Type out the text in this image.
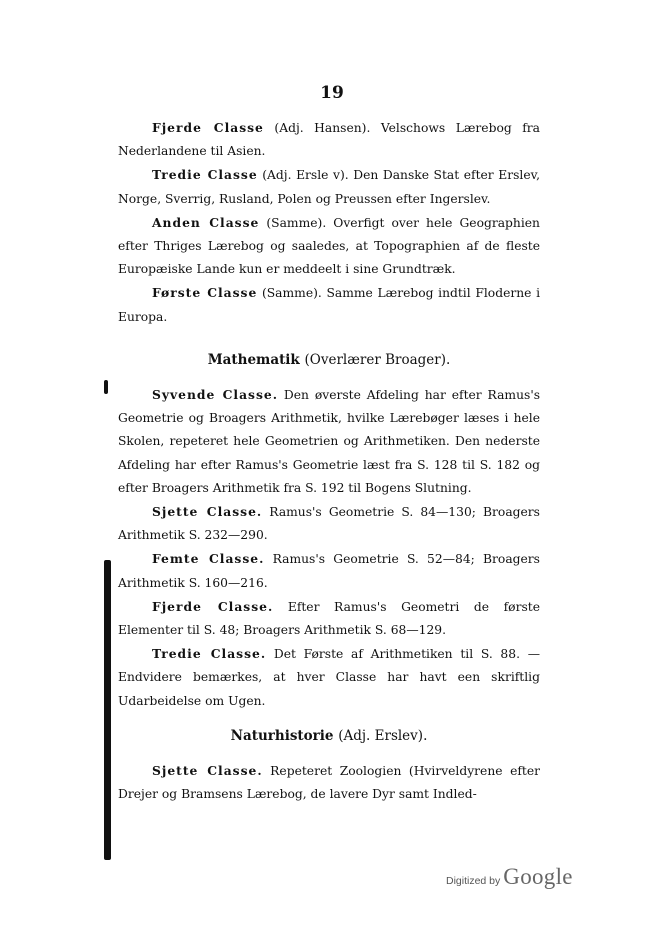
19

Fjerde Classe (Adj. Hansen). Velschows Lærebog fra Nederlandene til Asien.

Tredie Classe (Adj. Ersle v). Den Danske Stat efter Erslev, Norge, Sverrig, Rusland, Polen og Preussen efter Ingerslev.

Anden Classe (Samme). Overfigt over hele Geographien efter Thriges Lærebog og saaledes, at Topographien af de fleste Europæiske Lande kun er meddeelt i sine Grundtræk.

Første Classe (Samme). Samme Lærebog indtil Floderne i Europa.

Mathematik (Overlærer Broager).

Syvende Classe. Den øverste Afdeling har efter Ramus's Geometrie og Broagers Arithmetik, hvilke Lærebøger læses i hele Skolen, repeteret hele Geometrien og Arithmetiken. Den nederste Afdeling har efter Ramus's Geometrie læst fra S. 128 til S. 182 og efter Broagers Arithmetik fra S. 192 til Bogens Slutning.

Sjette Classe. Ramus's Geometrie S. 84—130; Broagers Arithmetik S. 232—290.

Femte Classe. Ramus's Geometrie S. 52—84; Broagers Arithmetik S. 160—216.

Fjerde Classe. Efter Ramus's Geometri de første Elementer til S. 48; Broagers Arithmetik S. 68—129.

Tredie Classe. Det Første af Arithmetiken til S. 88. — Endvidere bemærkes, at hver Classe har havt een skriftlig Udarbeidelse om Ugen.

Naturhistorie (Adj. Erslev).

Sjette Classe. Repeteret Zoologien (Hvirveldyrene efter Drejer og Bramsens Lærebog, de lavere Dyr samt Indled-

Digitized by Google
